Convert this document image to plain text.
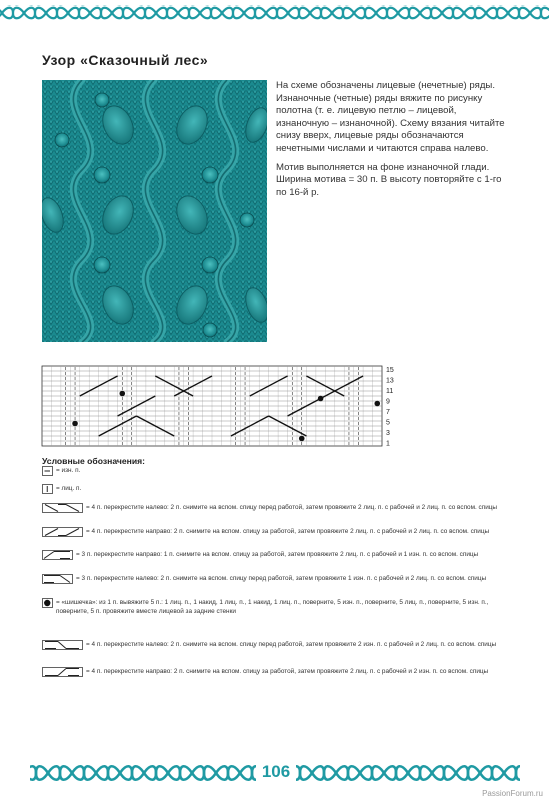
Узор «Сказочный лес»

На схеме обозначены лицевые (нечетные) ряды. Изнаночные (четные) ряды вяжите по рисунку полотна (т. е. лицевую петлю – лицевой, изнаночную – изнаночной). Схему вязания читайте снизу вверх, лицевые ряды обозначаются нечетными числами и читаются справа налево.

Мотив выполняется на фоне изнаночной глади. Ширина мотива = 30 п. В высоту повторяйте с 1-го по 16-й р.

15
13
11
9
7
5
3
1
Условные обозначения:
106
PassionForum.ru
= изн. п.
= лиц. п.
= 4 п. перекрестите налево: 2 п. снимите на вспом. спицу перед работой, затем провяжите 2 лиц. п. с рабочей и 2 лиц. п. со вспом. спицы
= 4 п. перекрестите направо: 2 п. снимите на вспом. спицу за работой, затем провяжите 2 лиц. п. с рабочей и 2 лиц. п. со вспом. спицы
= 3 п. перекрестите направо: 1 п. снимите на вспом. спицу за работой, затем провяжите 2 лиц. п. с рабочей и 1 изн. п. со вспом. спицы
= 3 п. перекрестите налево: 2 п. снимите на вспом. спицу перед работой, затем провяжите 1 изн. п. с рабочей и 2 лиц. п. со вспом. спицы
= «шишечка»: из 1 п. вывяжите 5 п.: 1 лиц. п., 1 накид, 1 лиц. п., 1 накид, 1 лиц. п., поверните, 5 изн. п., поверните, 5 лиц. п., поверните, 5 изн. п., поверните, 5 п. провяжите вместе лицевой за задние стенки
= 4 п. перекрестите налево: 2 п. снимите на вспом. спицу перед работой, затем провяжите 2 изн. п. с рабочей и 2 лиц. п. со вспом. спицы
= 4 п. перекрестите направо: 2 п. снимите на вспом. спицу за работой, затем провяжите 2 лиц. п. с рабочей и 2 изн. п. со вспом. спицы
